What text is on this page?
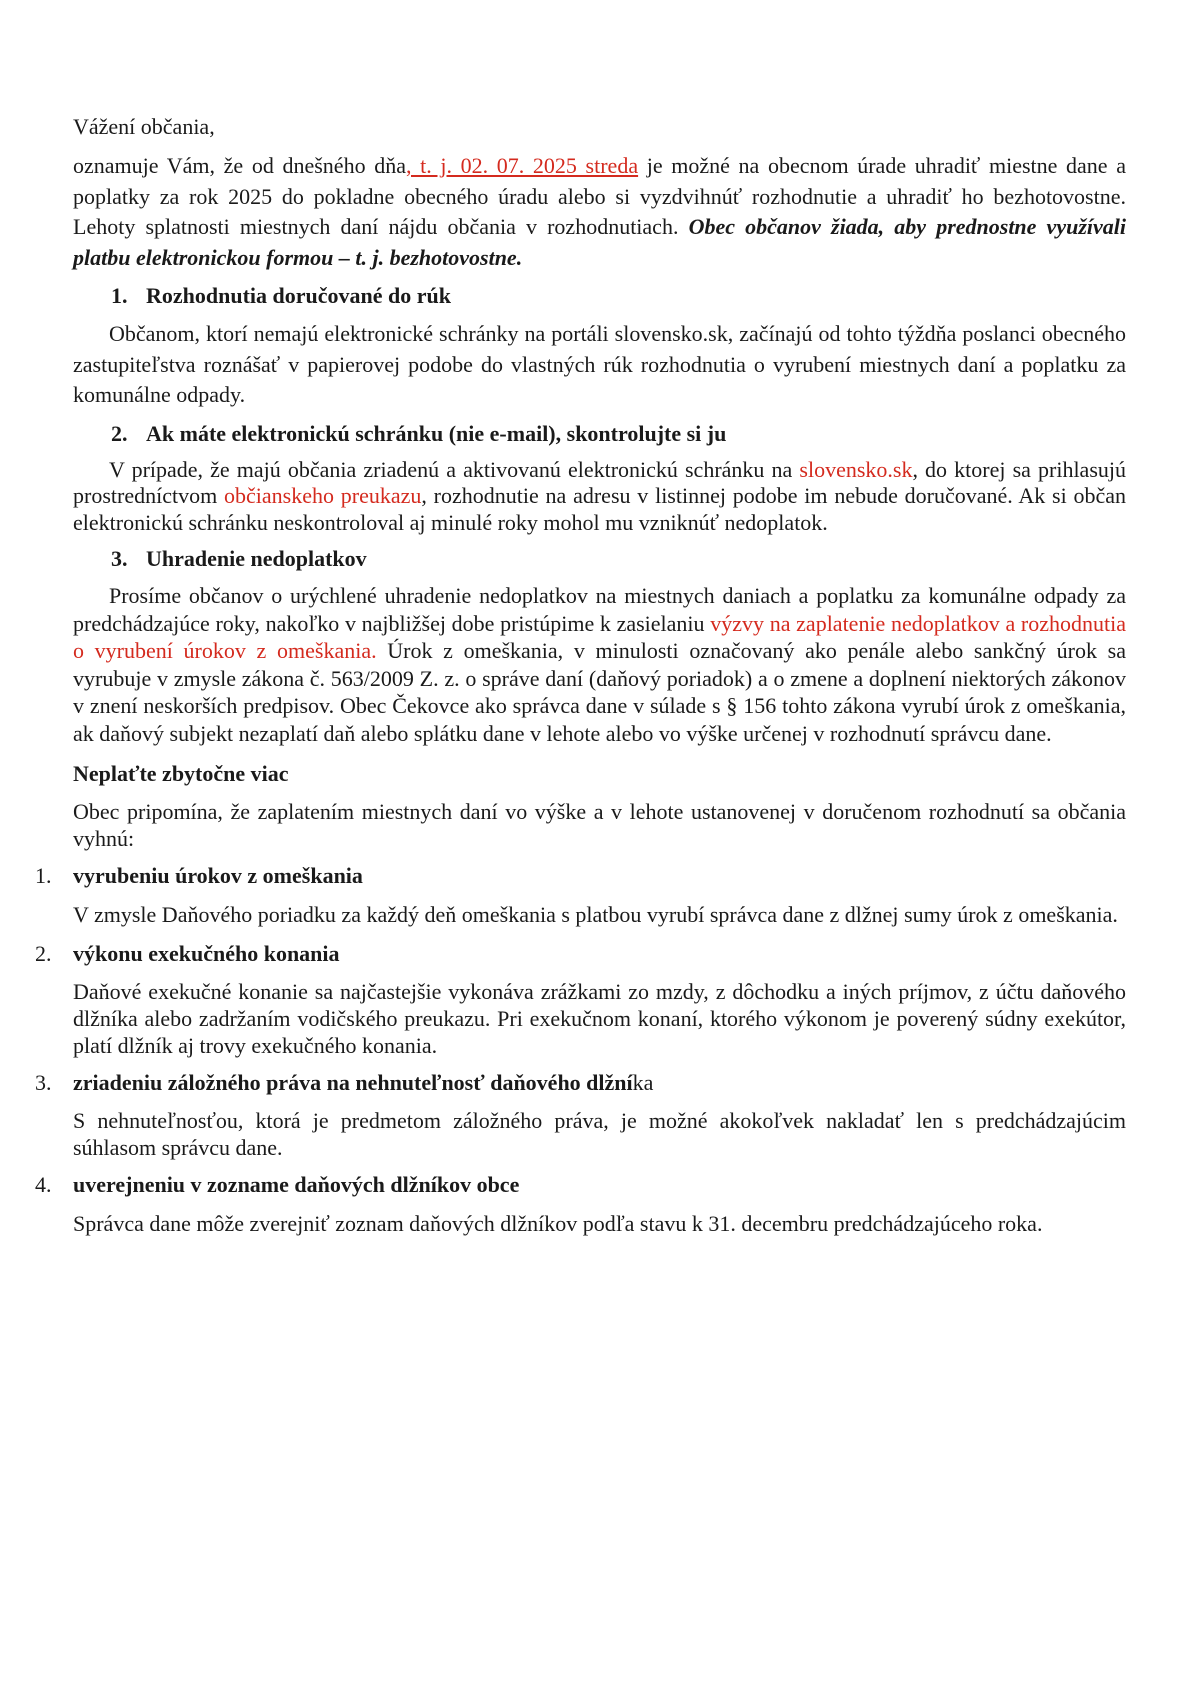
Vážení občania,

oznamuje Vám, že od dnešného dňa, t. j. 02. 07. 2025 streda je možné na obecnom úrade uhradiť miestne dane a poplatky za rok 2025 do pokladne obecného úradu alebo si vyzdvihnúť rozhodnutie a uhradiť ho bezhotovostne. Lehoty splatnosti miestnych daní nájdu občania v rozhodnutiach. Obec občanov žiada, aby prednostne využívali platbu elektronickou formou – t. j. bezhotovostne.

1. Rozhodnutia doručované do rúk

Občanom, ktorí nemajú elektronické schránky na portáli slovensko.sk, začínajú od tohto týždňa poslanci obecného zastupiteľstva roznášať v papierovej podobe do vlastných rúk rozhodnutia o vyrubení miestnych daní a poplatku za komunálne odpady.

2. Ak máte elektronickú schránku (nie e-mail), skontrolujte si ju

V prípade, že majú občania zriadenú a aktivovanú elektronickú schránku na slovensko.sk, do ktorej sa prihlasujú prostredníctvom občianskeho preukazu, rozhodnutie na adresu v listinnej podobe im nebude doručované. Ak si občan elektronickú schránku neskontroloval aj minulé roky mohol mu vzniknúť nedoplatok.

3. Uhradenie nedoplatkov

Prosíme občanov o urýchlené uhradenie nedoplatkov na miestnych daniach a poplatku za komunálne odpady za predchádzajúce roky, nakoľko v najbližšej dobe pristúpime k zasielaniu výzvy na zaplatenie nedoplatkov a rozhodnutia o vyrubení úrokov z omeškania. Úrok z omeškania, v minulosti označovaný ako penále alebo sankčný úrok sa vyrubuje v zmysle zákona č. 563/2009 Z. z. o správe daní (daňový poriadok) a o zmene a doplnení niektorých zákonov v znení neskorších predpisov. Obec Čekovce ako správca dane v súlade s § 156 tohto zákona vyrubí úrok z omeškania, ak daňový subjekt nezaplatí daň alebo splátku dane v lehote alebo vo výške určenej v rozhodnutí správcu dane.

Neplaťte zbytočne viac

Obec pripomína, že zaplatením miestnych daní vo výške a v lehote ustanovenej v doručenom rozhodnutí sa občania vyhnú:

1. vyrubeniu úrokov z omeškania

V zmysle Daňového poriadku za každý deň omeškania s platbou vyrubí správca dane z dlžnej sumy úrok z omeškania.

2. výkonu exekučného konania

Daňové exekučné konanie sa najčastejšie vykonáva zrážkami zo mzdy, z dôchodku a iných príjmov, z účtu daňového dlžníka alebo zadržaním vodičského preukazu. Pri exekučnom konaní, ktorého výkonom je poverený súdny exekútor, platí dlžník aj trovy exekučného konania.

3. zriadeniu záložného práva na nehnuteľnosť daňového dlžníka

S nehnuteľnosťou, ktorá je predmetom záložného práva, je možné akokoľvek nakladať len s predchádzajúcim súhlasom správcu dane.

4. uverejneniu v zozname daňových dlžníkov obce

Správca dane môže zverejniť zoznam daňových dlžníkov podľa stavu k 31. decembru predchádzajúceho roka.
